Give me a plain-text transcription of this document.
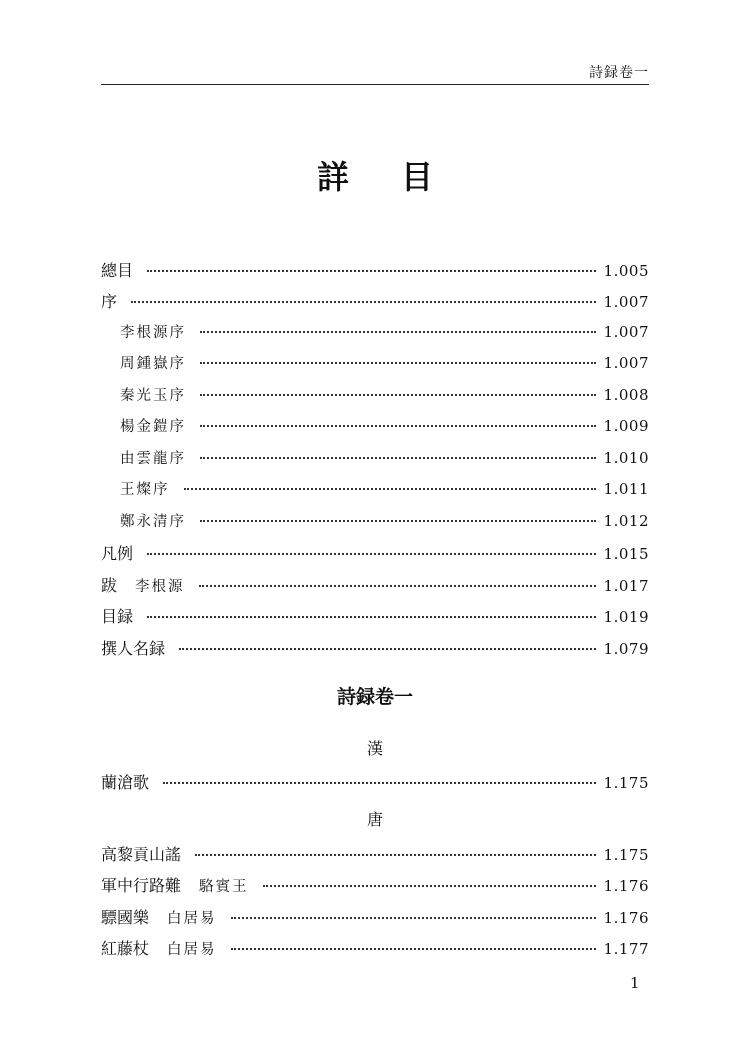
詩録卷一
詳目
總目	1.005
序	1.007
李根源序	1.007
周鍾嶽序	1.007
秦光玉序	1.008
楊金鎧序	1.009
由雲龍序	1.010
王燦序	1.011
鄭永清序	1.012
凡例	1.015
跋 李根源	1.017
目録	1.019
撰人名録	1.079
詩録卷一
漢
蘭滄歌	1.175
唐
高黎貢山謠	1.175
軍中行路難 駱賓王	1.176
驃國樂 白居易	1.176
紅藤杖 白居易	1.177
1
